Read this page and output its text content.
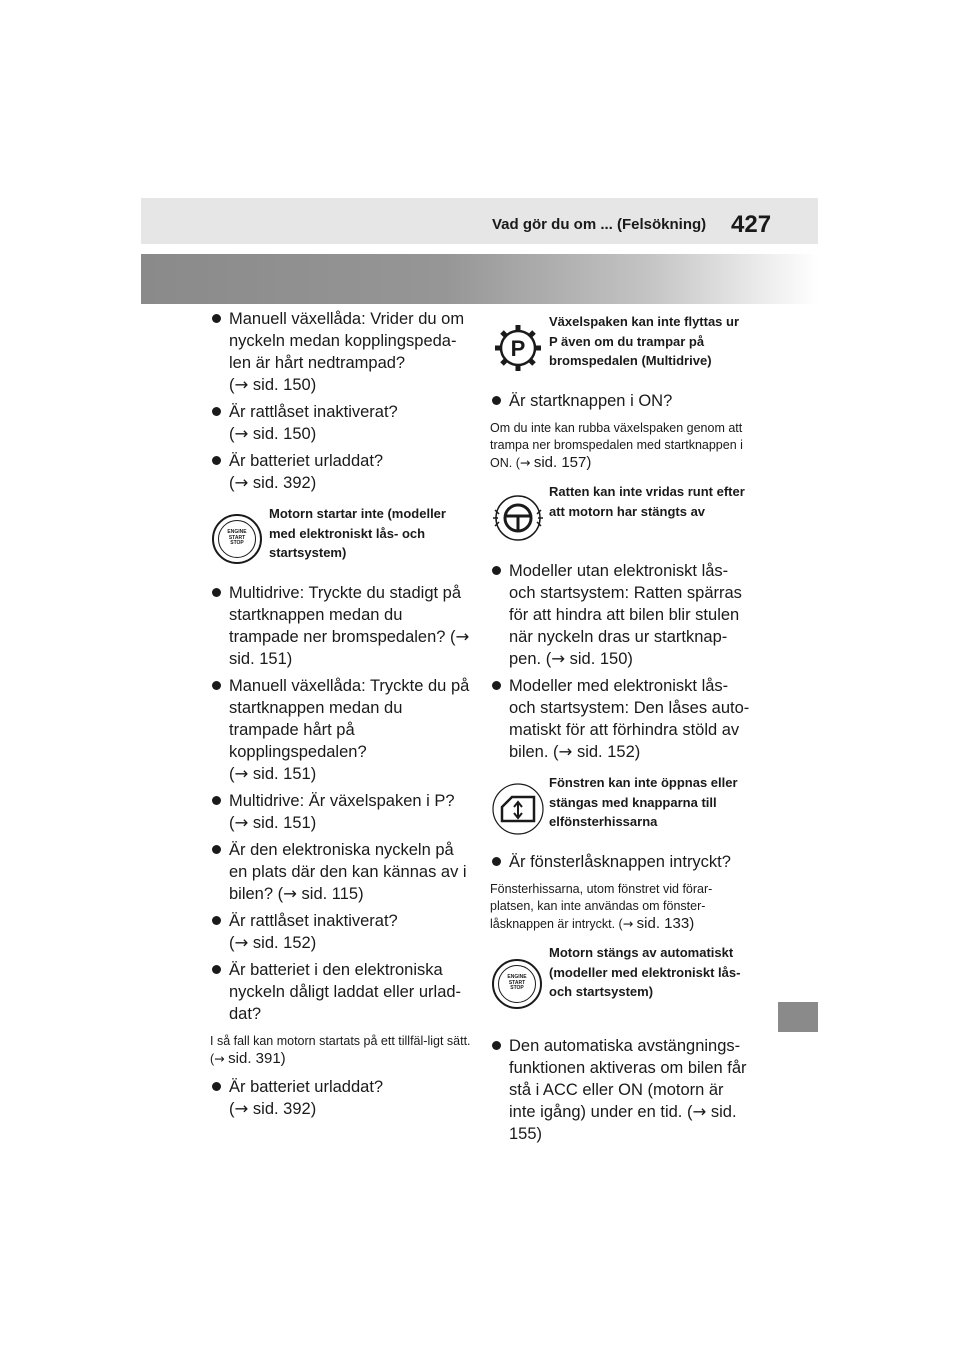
Vad gör du om ... (Felsökning) 427
Manuell växellåda: Vrider du om nyckeln medan kopplingspeda-len är hårt nedtrampad?
(→ sid. 150)
Är rattlåset inaktiverat?
(→ sid. 150)
Är batteriet urladdat?
(→ sid. 392)
ENGINE
START
STOP
Motorn startar inte (modeller med elektroniskt lås- och startsystem)
Multidrive: Tryckte du stadigt på startknappen medan du trampade ner bromspedalen? (→ sid. 151)
Manuell växellåda: Tryckte du på startknappen medan du trampade hårt på kopplingspedalen?
(→ sid. 151)
Multidrive: Är växelspaken i P?
(→ sid. 151)
Är den elektroniska nyckeln på en plats där den kan kännas av i bilen? (→ sid. 115)
Är rattlåset inaktiverat?
(→ sid. 152)
Är batteriet i den elektroniska nyckeln dåligt laddat eller urlad-dat?
I så fall kan motorn startats på ett tillfäl-ligt sätt. (→ sid. 391)
Är batteriet urladdat?
(→ sid. 392)
P
Växelspaken kan inte flyttas ur P även om du trampar på bromspedalen (Multidrive)
Är startknappen i ON?
Om du inte kan rubba växelspaken genom att trampa ner bromspedalen med startknappen i ON. (→ sid. 157)
Ratten kan inte vridas runt efter att motorn har stängts av
Modeller utan elektroniskt lås- och startsystem: Ratten spärras för att hindra att bilen blir stulen när nyckeln dras ur startknap-pen. (→ sid. 150)
Modeller med elektroniskt lås- och startsystem: Den låses auto-matiskt för att förhindra stöld av bilen. (→ sid. 152)
Fönstren kan inte öppnas eller stängas med knapparna till elfönsterhissarna
Är fönsterlåsknappen intryckt?
Fönsterhissarna, utom fönstret vid förar-platsen, kan inte användas om fönster-låsknappen är intryckt. (→ sid. 133)
ENGINE
START
STOP
Motorn stängs av automatiskt (modeller med elektroniskt lås- och startsystem)
Den automatiska avstängnings-funktionen aktiveras om bilen får stå i ACC eller ON (motorn är inte igång) under en tid. (→ sid. 155)
